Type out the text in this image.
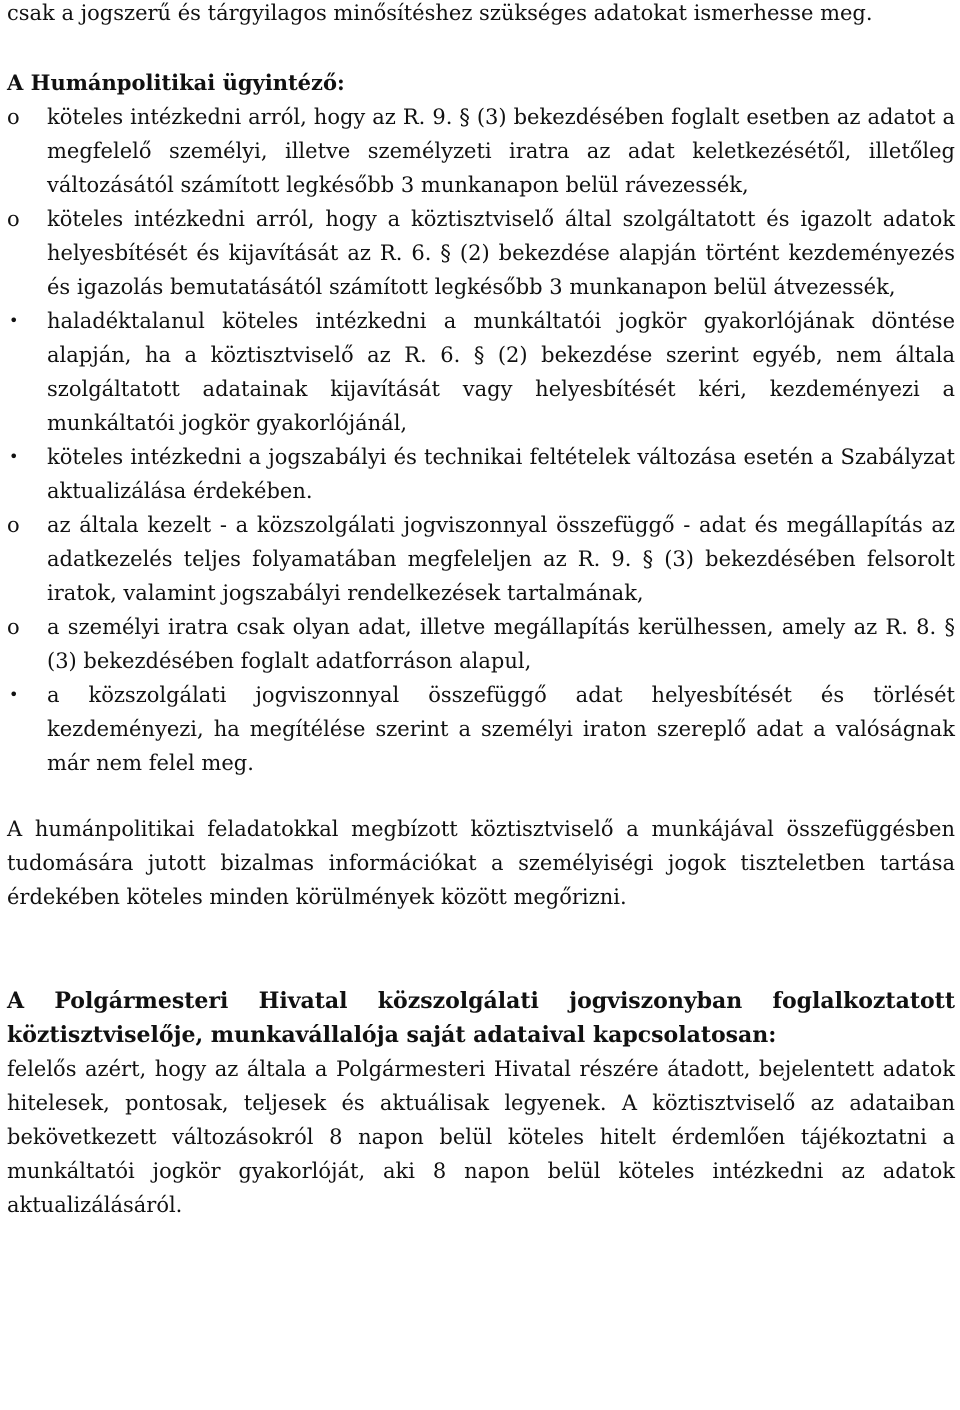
csak a jogszerű és tárgyilagos minősítéshez szükséges adatokat ismerhesse meg.

A Humánpolitikai ügyintéző:

o	köteles intézkedni arról, hogy az R. 9. § (3) bekezdésében foglalt esetben az adatot a megfelelő személyi, illetve személyzeti iratra az adat keletkezésétől, illetőleg változásától számított legkésőbb 3 munkanapon belül rávezessék,
o	köteles intézkedni arról, hogy a köztisztviselő által szolgáltatott és igazolt adatok helyesbítését és kijavítását az R. 6. § (2) bekezdése alapján történt kezdeményezés és igazolás bemutatásától számított legkésőbb 3 munkanapon belül átvezessék,
•	haladéktalanul köteles intézkedni a munkáltatói jogkör gyakorlójának döntése alapján, ha a köztisztviselő az R. 6. § (2) bekezdése szerint egyéb, nem általa szolgáltatott adatainak kijavítását vagy helyesbítését kéri, kezdeményezi a munkáltatói jogkör gyakorlójánál,
•	köteles intézkedni a jogszabályi és technikai feltételek változása esetén a Szabályzat aktualizálása érdekében.
o	az általa kezelt - a közszolgálati jogviszonnyal összefüggő - adat és megállapítás az adatkezelés teljes folyamatában megfeleljen az R. 9. § (3) bekezdésében felsorolt iratok, valamint jogszabályi rendelkezések tartalmának,
o	a személyi iratra csak olyan adat, illetve megállapítás kerülhessen, amely az R. 8. § (3) bekezdésében foglalt adatforráson alapul,
•	a közszolgálati jogviszonnyal összefüggő adat helyesbítését és törlését kezdeményezi, ha megítélése szerint a személyi iraton szereplő adat a valóságnak már nem felel meg.

A humánpolitikai feladatokkal megbízott köztisztviselő a munkájával összefüggésben tudomására jutott bizalmas információkat a személyiségi jogok tiszteletben tartása érdekében köteles minden körülmények között megőrizni.

A Polgármesteri Hivatal közszolgálati jogviszonyban foglalkoztatott köztisztviselője, munkavállalója saját adataival kapcsolatosan:

felelős azért, hogy az általa a Polgármesteri Hivatal részére átadott, bejelentett adatok hitelesek, pontosak, teljesek és aktuálisak legyenek. A köztisztviselő az adataiban bekövetkezett változásokról 8 napon belül köteles hitelt érdemlően tájékoztatni a munkáltatói jogkör gyakorlóját, aki 8 napon belül köteles intézkedni az adatok aktualizálásáról.
